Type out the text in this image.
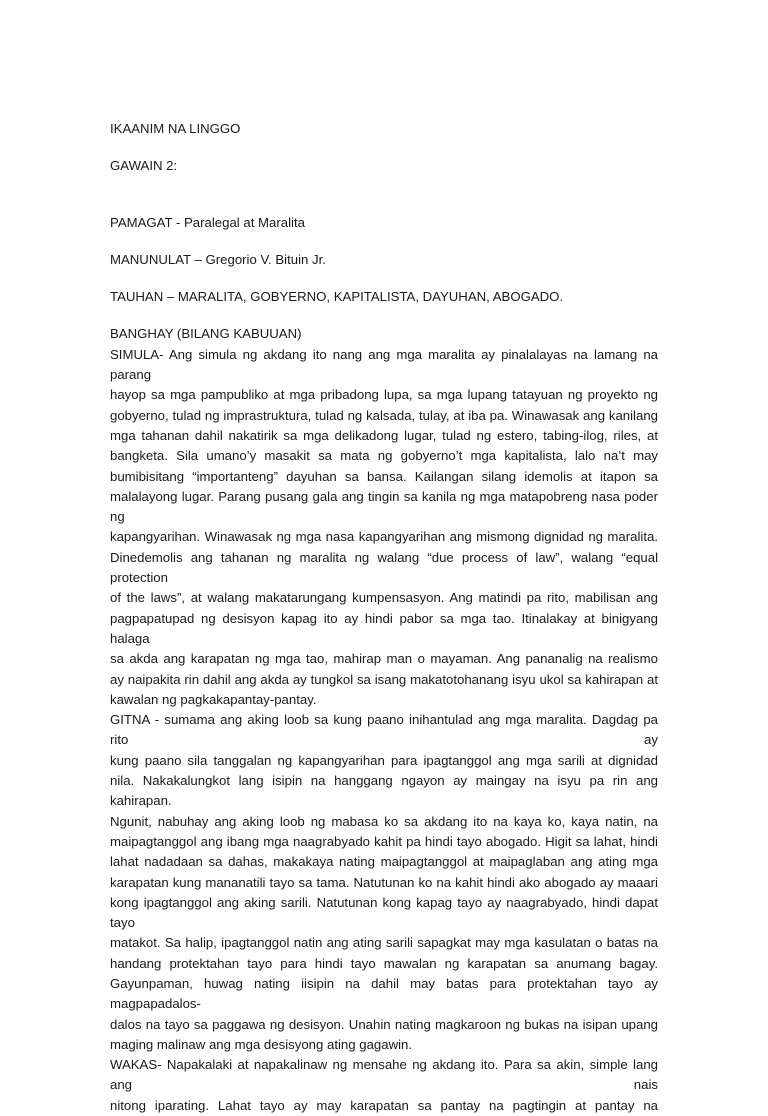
IKAANIM NA LINGGO

GAWAIN 2:

PAMAGAT - Paralegal at Maralita

MANUNULAT – Gregorio V. Bituin Jr.

TAUHAN – MARALITA, GOBYERNO, KAPITALISTA, DAYUHAN, ABOGADO.

BANGHAY (BILANG KABUUAN)

SIMULA- Ang simula ng akdang ito nang ang mga maralita ay pinalalayas na lamang na parang
hayop sa mga pampubliko at mga pribadong lupa, sa mga lupang tatayuan ng proyekto ng
gobyerno, tulad ng imprastruktura, tulad ng kalsada, tulay, at iba pa. Winawasak ang kanilang
mga tahanan dahil nakatirik sa mga delikadong lugar, tulad ng estero, tabing-ilog, riles, at
bangketa. Sila umano’y masakit sa mata ng gobyerno’t mga kapitalista, lalo na’t may
bumibisitang “importanteng” dayuhan sa bansa. Kailangan silang idemolis at itapon sa
malalayong lugar. Parang pusang gala ang tingin sa kanila ng mga matapobreng nasa poder ng
kapangyarihan. Winawasak ng mga nasa kapangyarihan ang mismong dignidad ng maralita.
Dinedemolis ang tahanan ng maralita ng walang “due process of law”, walang “equal protection
of the laws”, at walang makatarungang kumpensasyon. Ang matindi pa rito, mabilisan ang
pagpapatupad ng desisyon kapag ito ay hindi pabor sa mga tao. Itinalakay at binigyang halaga
sa akda ang karapatan ng mga tao, mahirap man o mayaman. Ang pananalig na realismo
ay naipakita rin dahil ang akda ay tungkol sa isang makatotohanang isyu ukol sa kahirapan at
kawalan ng pagkakapantay-pantay.
GITNA - sumama ang aking loob sa kung paano inihantulad ang mga maralita. Dagdag pa rito ay
kung paano sila tanggalan ng kapangyarihan para ipagtanggol ang mga sarili at dignidad
nila. Nakakalungkot lang isipin na hanggang ngayon ay maingay na isyu pa rin ang kahirapan.
Ngunit, nabuhay ang aking loob ng mabasa ko sa akdang ito na kaya ko, kaya natin, na
maipagtanggol ang ibang mga naagrabyado kahit pa hindi tayo abogado. Higit sa lahat, hindi
lahat nadadaan sa dahas, makakaya nating maipagtanggol at maipaglaban ang ating mga
karapatan kung mananatili tayo sa tama. Natutunan ko na kahit hindi ako abogado ay maaari
kong ipagtanggol ang aking sarili. Natutunan kong kapag tayo ay naagrabyado, hindi dapat tayo
matakot. Sa halip, ipagtanggol natin ang ating sarili sapagkat may mga kasulatan o batas na
handang protektahan tayo para hindi tayo mawalan ng karapatan sa anumang bagay.
Gayunpaman, huwag nating iisipin na dahil may batas para protektahan tayo ay magpapadalos-
dalos na tayo sa paggawa ng desisyon. Unahin nating magkaroon ng bukas na isipan upang
maging malinaw ang mga desisyong ating gagawin.
WAKAS- Napakalaki at napakalinaw ng mensahe ng akdang ito. Para sa akin, simple lang ang nais
nitong iparating. Lahat tayo ay may karapatan sa pantay na pagtingin at pantay na
